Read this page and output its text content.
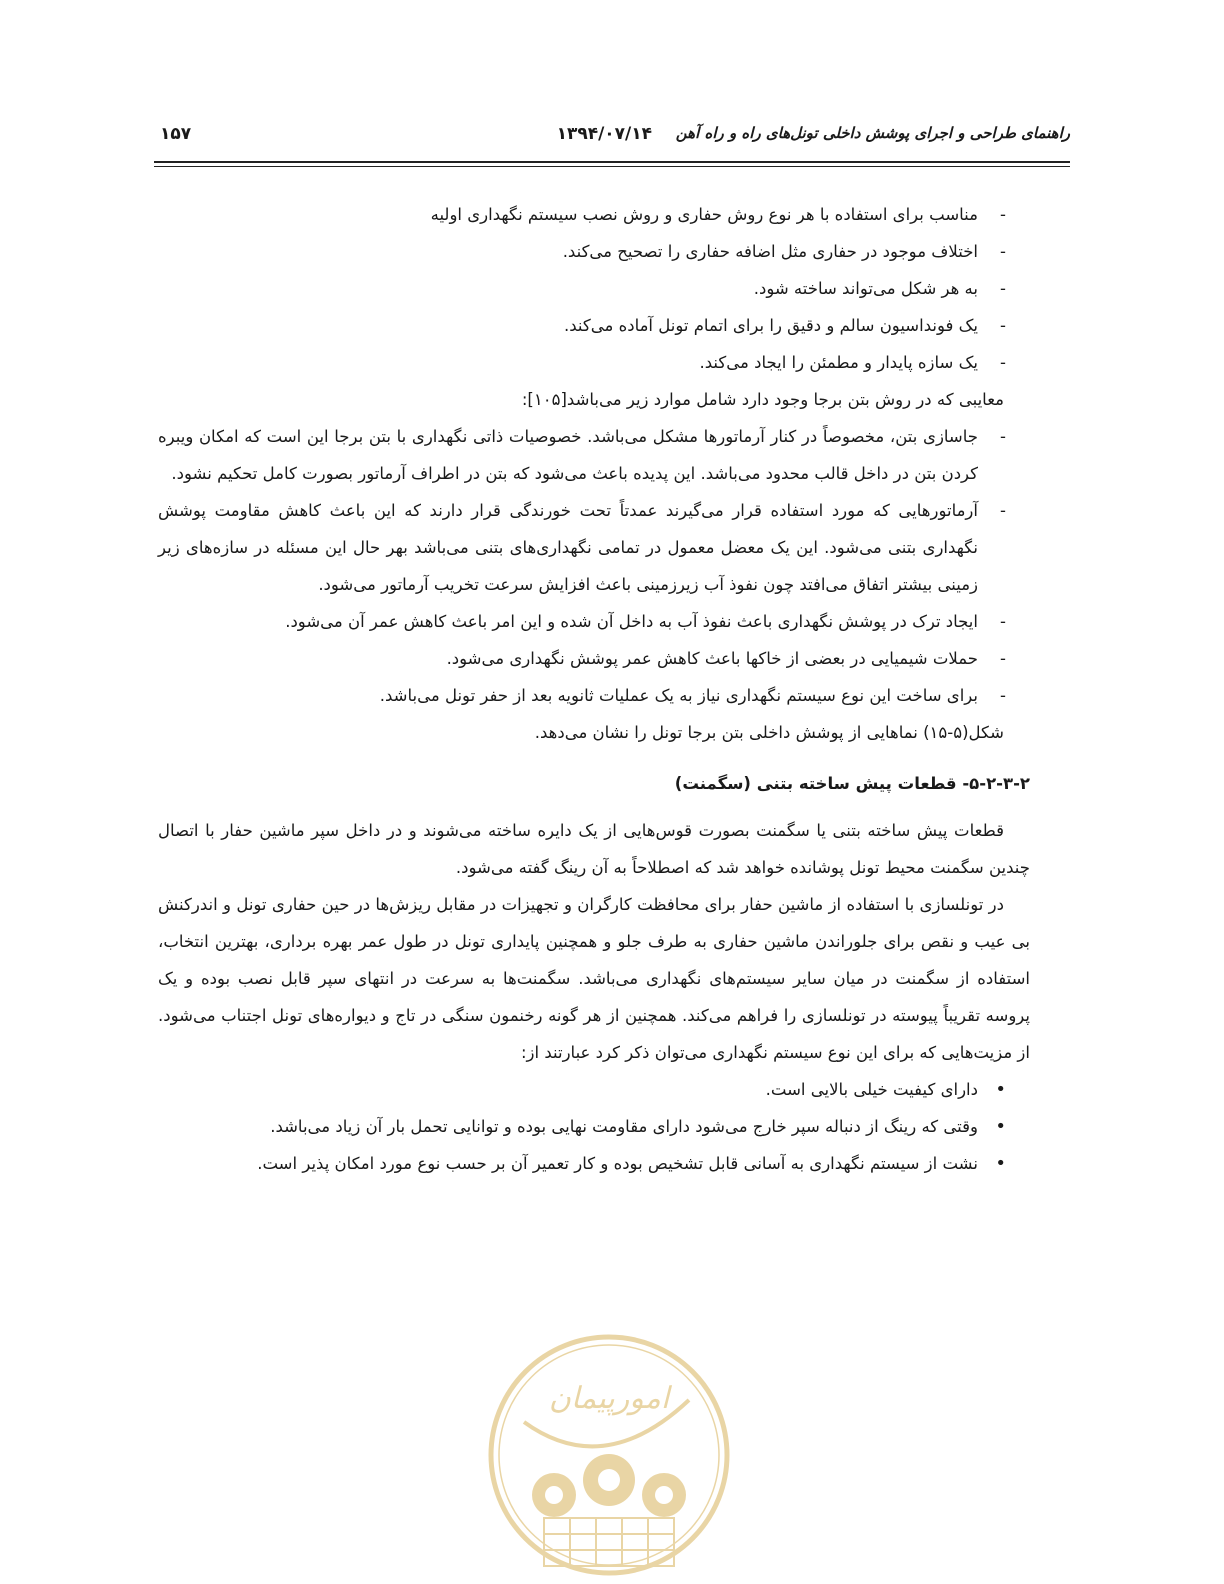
راهنمای طراحی و اجرای پوشش داخلی تونل‌های راه و راه آهن
۱۳۹۴/۰۷/۱۴
۱۵۷
- مناسب برای استفاده با هر نوع روش حفاری و روش نصب سیستم نگهداری اولیه
- اختلاف موجود در حفاری مثل اضافه حفاری را تصحیح می‌کند.
- به هر شکل می‌تواند ساخته شود.
- یک فونداسیون سالم و دقیق را برای اتمام تونل آماده می‌کند.
- یک سازه پایدار و مطمئن را ایجاد می‌کند.

معایبی که در روش بتن برجا وجود دارد شامل موارد زیر می‌باشد[۱۰۵]:

- جاسازی بتن، مخصوصاً در کنار آرماتورها مشکل می‌باشد. خصوصیات ذاتی نگهداری با بتن برجا این است که امکان ویبره کردن بتن در داخل قالب محدود می‌باشد. این پدیده باعث می‌شود که بتن در اطراف آرماتور بصورت کامل تحکیم نشود.
- آرماتورهایی که مورد استفاده قرار می‌گیرند عمدتاً تحت خورندگی قرار دارند که این باعث کاهش مقاومت پوشش نگهداری بتنی می‌شود. این یک معضل معمول در تمامی نگهداری‌های بتنی می‌باشد بهر حال این مسئله در سازه‌های زیر زمینی بیشتر اتفاق می‌افتد چون نفوذ آب زیرزمینی باعث افزایش سرعت تخریب آرماتور می‌شود.
- ایجاد ترک در پوشش نگهداری باعث نفوذ آب به داخل آن شده و این امر باعث کاهش عمر آن می‌شود.
- حملات شیمیایی در بعضی از خاکها باعث کاهش عمر پوشش نگهداری می‌شود.
- برای ساخت این نوع سیستم نگهداری نیاز به یک عملیات ثانویه بعد از حفر تونل می‌باشد.

شکل(۵-۱۵) نماهایی از پوشش داخلی بتن برجا تونل را نشان می‌دهد.

۵-۲-۳-۲- قطعات پیش ساخته بتنی (سگمنت)

قطعات پیش ساخته بتنی یا سگمنت بصورت قوس‌هایی از یک دایره ساخته می‌شوند و در داخل سپر ماشین حفار با اتصال چندین سگمنت محیط تونل پوشانده خواهد شد که اصطلاحاً به آن رینگ گفته می‌شود.

در تونلسازی با استفاده از ماشین حفار برای محافظت کارگران و تجهیزات در مقابل ریزش‌ها در حین حفاری تونل و اندرکنش بی عیب و نقص برای جلوراندن ماشین حفاری به طرف جلو و همچنین پایداری تونل در طول عمر بهره برداری، بهترین انتخاب، استفاده از سگمنت در میان سایر سیستم‌های نگهداری می‌باشد. سگمنت‌ها به سرعت در انتهای سپر قابل نصب بوده و یک پروسه تقریباً پیوسته در تونلسازی را فراهم می‌کند. همچنین از هر گونه رخنمون سنگی در تاج و دیواره‌های تونل اجتناب می‌شود. از مزیت‌هایی که برای این نوع سیستم نگهداری می‌توان ذکر کرد عبارتند از:

• دارای کیفیت خیلی بالایی است.
• وقتی که رینگ از دنباله سپر خارج می‌شود دارای مقاومت نهایی بوده و توانایی تحمل بار آن زیاد می‌باشد.
• نشت از سیستم نگهداری به آسانی قابل تشخیص بوده و کار تعمیر آن بر حسب نوع مورد امکان پذیر است.
امورپیمان
